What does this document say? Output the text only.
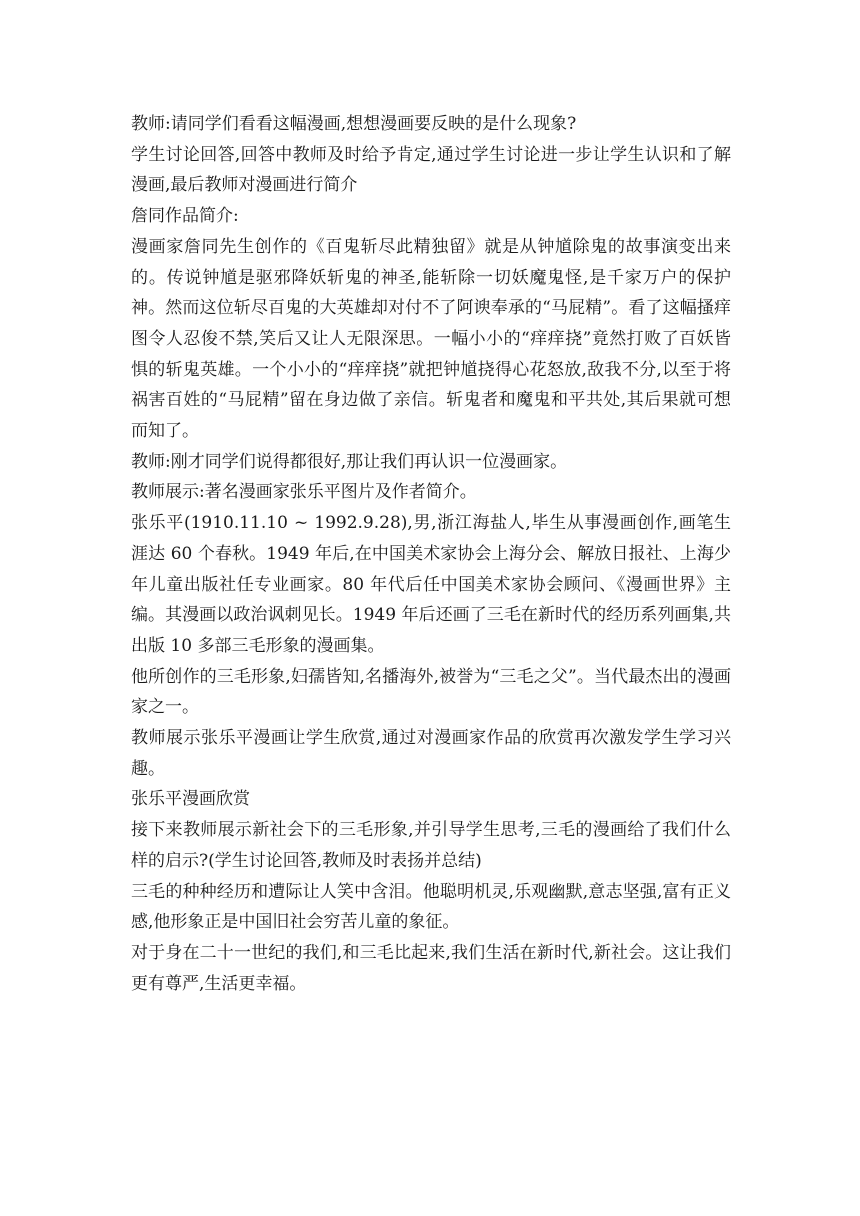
教师:请同学们看看这幅漫画,想想漫画要反映的是什么现象?

学生讨论回答,回答中教师及时给予肯定,通过学生讨论进一步让学生认识和了解漫画,最后教师对漫画进行简介

詹同作品简介:

漫画家詹同先生创作的《百鬼斩尽此精独留》就是从钟馗除鬼的故事演变出来的。传说钟馗是驱邪降妖斩鬼的神圣,能斩除一切妖魔鬼怪,是千家万户的保护神。然而这位斩尽百鬼的大英雄却对付不了阿谀奉承的“马屁精”。看了这幅搔痒图令人忍俊不禁,笑后又让人无限深思。一幅小小的“痒痒挠”竟然打败了百妖皆惧的斩鬼英雄。一个小小的“痒痒挠”就把钟馗挠得心花怒放,敌我不分,以至于将祸害百姓的“马屁精”留在身边做了亲信。斩鬼者和魔鬼和平共处,其后果就可想而知了。

教师:刚才同学们说得都很好,那让我们再认识一位漫画家。

教师展示:著名漫画家张乐平图片及作者简介。

张乐平(1910.11.10 ~ 1992.9.28),男,浙江海盐人,毕生从事漫画创作,画笔生涯达 60 个春秋。1949 年后,在中国美术家协会上海分会、解放日报社、上海少年儿童出版社任专业画家。80 年代后任中国美术家协会顾问、《漫画世界》主编。其漫画以政治讽刺见长。1949 年后还画了三毛在新时代的经历系列画集,共出版 10 多部三毛形象的漫画集。

他所创作的三毛形象,妇孺皆知,名播海外,被誉为“三毛之父”。当代最杰出的漫画家之一。

教师展示张乐平漫画让学生欣赏,通过对漫画家作品的欣赏再次激发学生学习兴趣。

张乐平漫画欣赏

接下来教师展示新社会下的三毛形象,并引导学生思考,三毛的漫画给了我们什么样的启示?(学生讨论回答,教师及时表扬并总结)

三毛的种种经历和遭际让人笑中含泪。他聪明机灵,乐观幽默,意志坚强,富有正义感,他形象正是中国旧社会穷苦儿童的象征。

对于身在二十一世纪的我们,和三毛比起来,我们生活在新时代,新社会。这让我们更有尊严,生活更幸福。
